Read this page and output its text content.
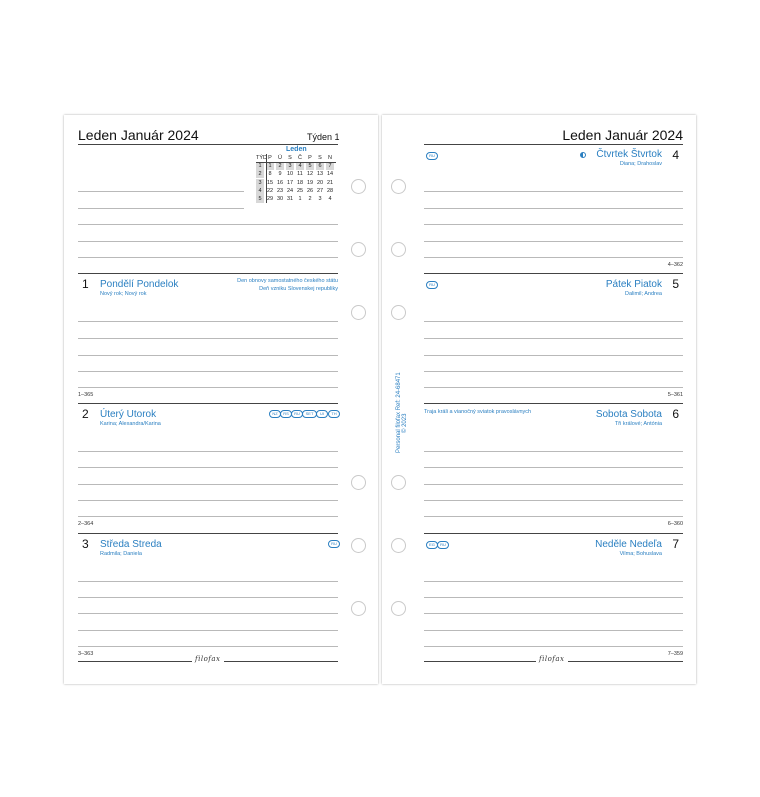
Leden Január 2024	Týden 1
Leden
TÝD P	Ú	S	Č	P	S	N
1	1	2	3	4	5	6	7
2	8	9 10 11 12 13 14
3 15 16 17 18 19 20 21
4 22 23 24 25 26 27 28
5 29 30 31 1	2	3	4
1 Pondělí Pondelok
Nový rok; Nový rok
Den obnovy samostatného českého státu
Deň vzniku Slovenskej republiky
1–365
2 Úterý Utorok
Karina; Alexandra/Karina
NZ	RS	RU	SET	UI	TH
2–364
3 Středa Streda
Radmila; Daniela
RU
3–363
filofax
Leden Január 2024
RU	Čtvrtek Štvrtok 4
Diana; Drahoslav
4–362
RU	Pátek Piatok 5
Dalimil; Andrea
5–361
Traja králi a vianočný sviatok pravoslávnych	Sobota Sobota 6
Tři králové; Antónia
6–360
EG	RU	Neděle Nedeľa 7
Vilma; Bohuslava
7–359
filofax
Personal filofax Ref: 24-68471 © 2023
